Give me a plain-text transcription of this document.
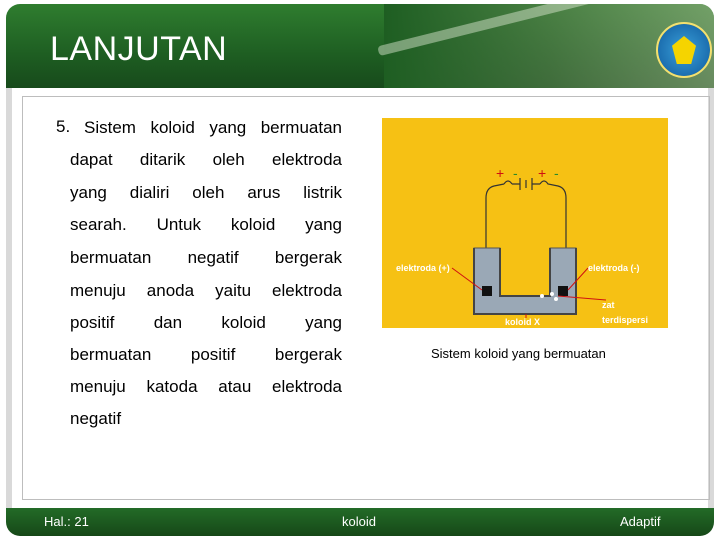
LANJUTAN
5. Sistem koloid yang bermuatan
dapat ditarik oleh elektroda
yang dialiri oleh arus listrik
searah. Untuk koloid yang
bermuatan negatif bergerak
menuju anoda yaitu elektroda
positif dan koloid yang
bermuatan positif bergerak
menuju katoda atau elektroda
negatif
+ - + -
elektroda (+)	elektroda (-)
zat
terdispersi
koloid X
Sistem koloid yang bermuatan
Hal.: 21	koloid	Adaptif
